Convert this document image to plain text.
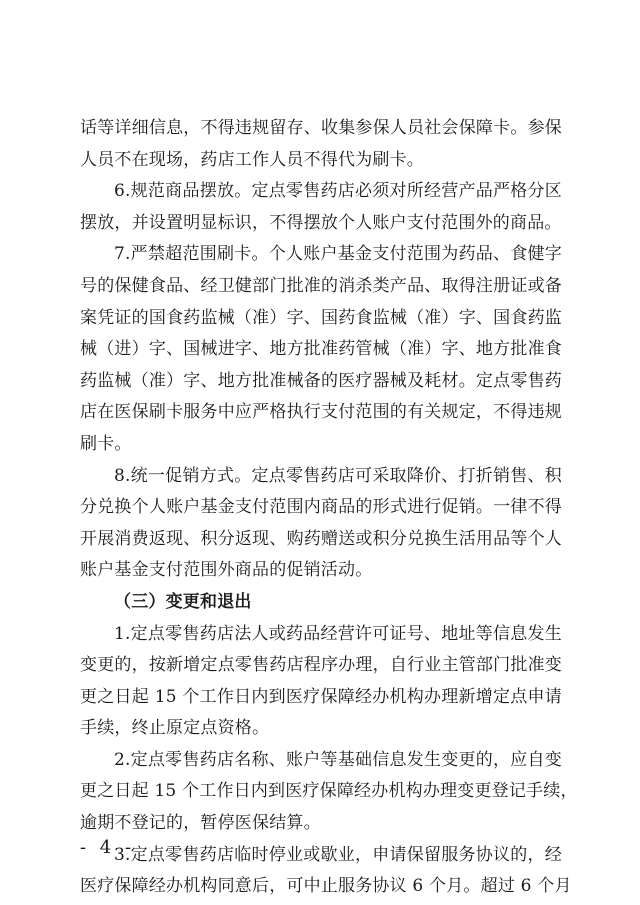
话等详细信息，不得违规留存、收集参保人员社会保障卡。参保
人员不在现场，药店工作人员不得代为刷卡。
6.规范商品摆放。定点零售药店必须对所经营产品严格分区
摆放，并设置明显标识，不得摆放个人账户支付范围外的商品。
7.严禁超范围刷卡。个人账户基金支付范围为药品、食健字
号的保健食品、经卫健部门批准的消杀类产品、取得注册证或备
案凭证的国食药监械（准）字、国药食监械（准）字、国食药监
械（进）字、国械进字、地方批准药管械（准）字、地方批准食
药监械（准）字、地方批准械备的医疗器械及耗材。定点零售药
店在医保刷卡服务中应严格执行支付范围的有关规定，不得违规
刷卡。
8.统一促销方式。定点零售药店可采取降价、打折销售、积
分兑换个人账户基金支付范围内商品的形式进行促销。一律不得
开展消费返现、积分返现、购药赠送或积分兑换生活用品等个人
账户基金支付范围外商品的促销活动。
（三）变更和退出
1.定点零售药店法人或药品经营许可证号、地址等信息发生
变更的，按新增定点零售药店程序办理，自行业主管部门批准变
更之日起 15 个工作日内到医疗保障经办机构办理新增定点申请
手续，终止原定点资格。
2.定点零售药店名称、账户等基础信息发生变更的，应自变
更之日起 15 个工作日内到医疗保障经办机构办理变更登记手续，
逾期不登记的，暂停医保结算。
3.定点零售药店临时停业或歇业，申请保留服务协议的，经
医疗保障经办机构同意后，可中止服务协议 6 个月。超过 6 个月
- 4 -
